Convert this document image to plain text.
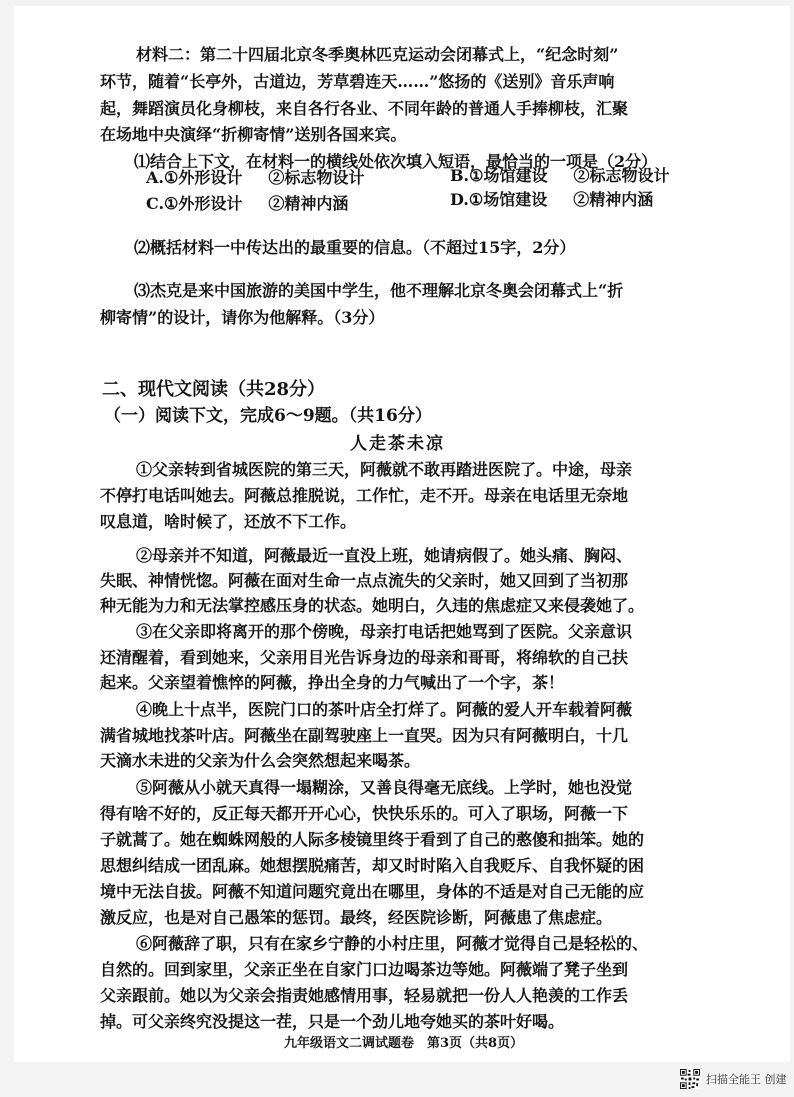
材料二：第二十四届北京冬季奥林匹克运动会闭幕式上，“纪念时刻”
环节，随着“长亭外，古道边，芳草碧连天……”悠扬的《送别》音乐声响
起，舞蹈演员化身柳枝，来自各行各业、不同年龄的普通人手捧柳枝，汇聚
在场地中央演绎“折柳寄情”送别各国来宾。
⑴结合上下文，在材料一的横线处依次填入短语，最恰当的一项是（2分）
A.①外形设计 ②标志物设计	B.①场馆建设 ②标志物设计
C.①外形设计 ②精神内涵	D.①场馆建设 ②精神内涵
⑵概括材料一中传达出的最重要的信息。（不超过15字，2分）
⑶杰克是来中国旅游的美国中学生，他不理解北京冬奥会闭幕式上“折
柳寄情”的设计，请你为他解释。（3分）
二、现代文阅读（共28分）
（一）阅读下文，完成6～9题。（共16分）
人走茶未凉
①父亲转到省城医院的第三天，阿薇就不敢再踏进医院了。中途，母亲
不停打电话叫她去。阿薇总推脱说，工作忙，走不开。母亲在电话里无奈地
叹息道，啥时候了，还放不下工作。
②母亲并不知道，阿薇最近一直没上班，她请病假了。她头痛、胸闷、
失眠、神情恍惚。阿薇在面对生命一点点流失的父亲时，她又回到了当初那
种无能为力和无法掌控感压身的状态。她明白，久违的焦虑症又来侵袭她了。
③在父亲即将离开的那个傍晚，母亲打电话把她骂到了医院。父亲意识
还清醒着，看到她来，父亲用目光告诉身边的母亲和哥哥，将绵软的自己扶
起来。父亲望着憔悴的阿薇，挣出全身的力气喊出了一个字，茶！
④晚上十点半，医院门口的茶叶店全打烊了。阿薇的爱人开车载着阿薇
满省城地找茶叶店。阿薇坐在副驾驶座上一直哭。因为只有阿薇明白，十几
天滴水未进的父亲为什么会突然想起来喝茶。
⑤阿薇从小就天真得一塌糊涂，又善良得毫无底线。上学时，她也没觉
得有啥不好的，反正每天都开开心心，快快乐乐的。可入了职场，阿薇一下
子就蒿了。她在蜘蛛网般的人际多棱镜里终于看到了自己的憨傻和拙笨。她的
思想纠结成一团乱麻。她想摆脱痛苦，却又时时陷入自我贬斥、自我怀疑的困
境中无法自拔。阿薇不知道问题究竟出在哪里，身体的不适是对自己无能的应
激反应，也是对自己愚笨的惩罚。最终，经医院诊断，阿薇患了焦虑症。
⑥阿薇辞了职，只有在家乡宁静的小村庄里，阿薇才觉得自己是轻松的、
自然的。回到家里，父亲正坐在自家门口边喝茶边等她。阿薇端了凳子坐到
父亲跟前。她以为父亲会指责她感情用事，轻易就把一份人人艳羡的工作丢
掉。可父亲终究没提这一茬，只是一个劲儿地夸她买的茶叶好喝。
九年级语文二调试题卷　第3页（共8页）
扫描全能王 创建
